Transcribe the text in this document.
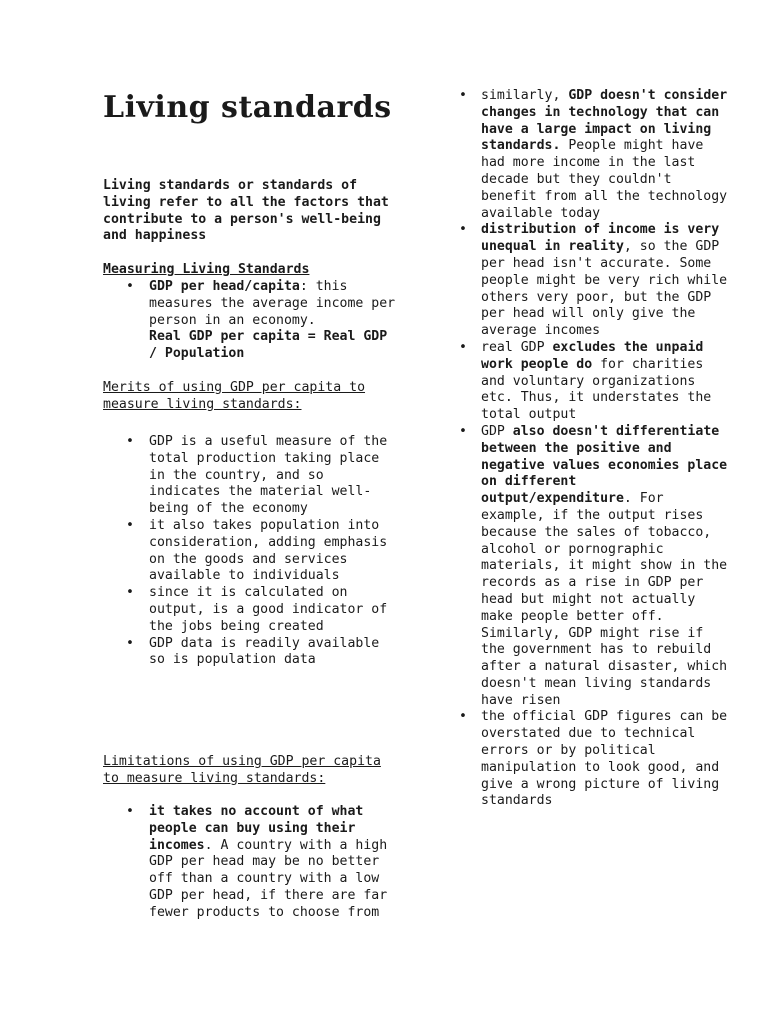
Living standards

Living standards or standards of living refer to all the factors that contribute to a person's well-being and happiness

Measuring Living Standards

• GDP per head/capita: this measures the average income per person in an economy.
Real GDP per capita = Real GDP / Population

Merits of using GDP per capita to measure living standards:

• GDP is a useful measure of the total production taking place in the country, and so indicates the material well-being of the economy
• it also takes population into consideration, adding emphasis on the goods and services available to individuals
• since it is calculated on output, is a good indicator of the jobs being created
• GDP data is readily available so is population data

Limitations of using GDP per capita to measure living standards:

• it takes no account of what people can buy using their incomes. A country with a high GDP per head may be no better off than a country with a low GDP per head, if there are far fewer products to choose from
• similarly, GDP doesn't consider changes in technology that can have a large impact on living standards. People might have had more income in the last decade but they couldn't benefit from all the technology available today
• distribution of income is very unequal in reality, so the GDP per head isn't accurate. Some people might be very rich while others very poor, but the GDP per head will only give the average incomes
• real GDP excludes the unpaid work people do for charities and voluntary organizations etc. Thus, it understates the total output
• GDP also doesn't differentiate between the positive and negative values economies place on different output/expenditure. For example, if the output rises because the sales of tobacco, alcohol or pornographic materials, it might show in the records as a rise in GDP per head but might not actually make people better off. Similarly, GDP might rise if the government has to rebuild after a natural disaster, which doesn't mean living standards have risen
• the official GDP figures can be overstated due to technical errors or by political manipulation to look good, and give a wrong picture of living standards
